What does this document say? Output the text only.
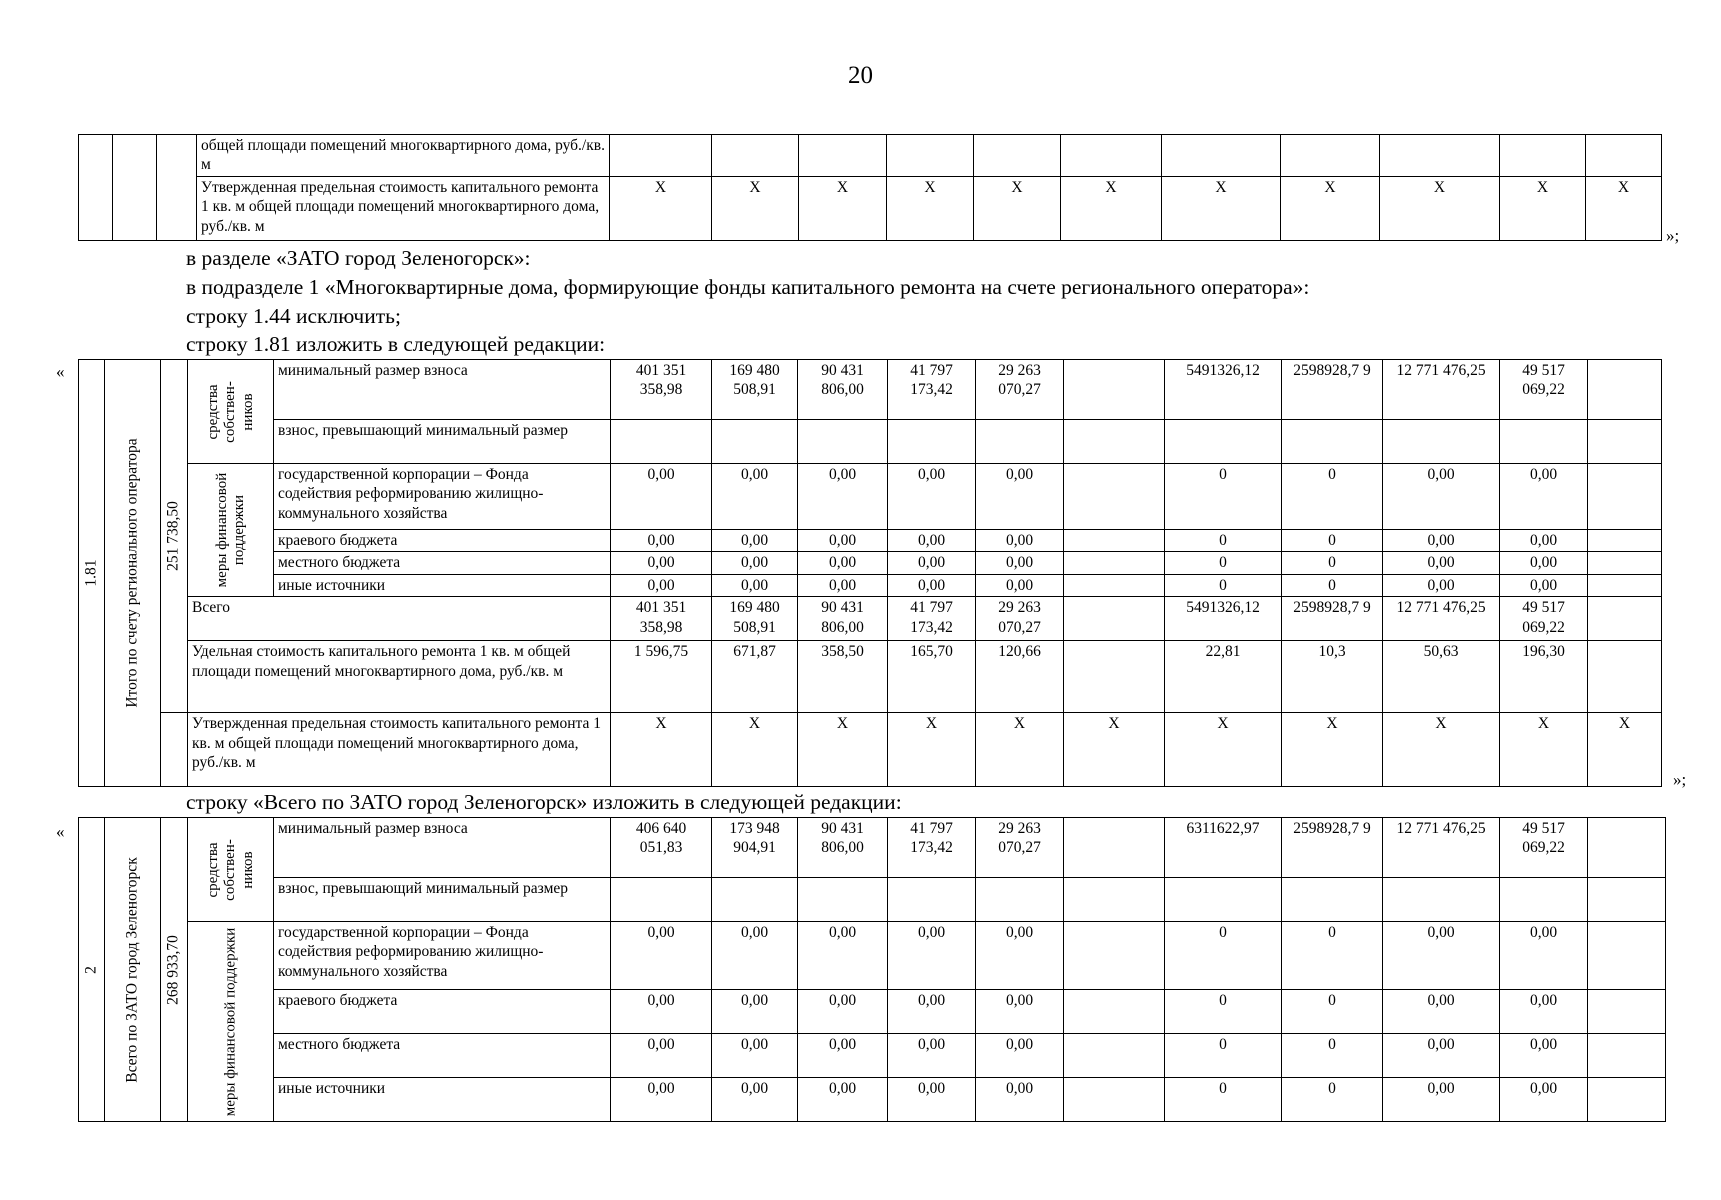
20
			общей площади помещений многоквартирного дома, руб./кв. м											
			Утвержденная предельная стоимость капитального ремонта 1 кв. м общей площади помещений многоквартирного дома, руб./кв. м	X	X	X	X	X	X	X	X	X	X	X
»;
в разделе «ЗАТО город Зеленогорск»:
в подразделе 1 «Многоквартирные дома, формирующие фонды капитального ремонта на счете регионального оператора»:
строку 1.44 исключить;
строку 1.81 изложить в следующей редакции:
«
1.81	Итого по счету регионального оператора	251 738,50	средства собствен-ников	минимальный размер взноса	401 351 358,98	169 480 508,91	90 431 806,00	41 797 173,42	29 263 070,27		5491326,12	2598928,7 9	12 771 476,25	49 517 069,22	
				взнос, превышающий минимальный размер											

			меры финансовой поддержки	государственной корпорации – Фонда содействия реформированию жилищно-коммунального хозяйства	0,00	0,00	0,00	0,00	0,00		0	0	0,00	0,00	
				краевого бюджета	0,00	0,00	0,00	0,00	0,00		0	0	0,00	0,00	
				местного бюджета	0,00	0,00	0,00	0,00	0,00		0	0	0,00	0,00	
				иные источники	0,00	0,00	0,00	0,00	0,00		0	0	0,00	0,00	
			Всего		401 351 358,98	169 480 508,91	90 431 806,00	41 797 173,42	29 263 070,27		5491326,12	2598928,7 9	12 771 476,25	49 517 069,22	
			Удельная стоимость капитального ремонта 1 кв. м общей площади помещений многоквартирного дома, руб./кв. м		1 596,75	671,87	358,50	165,70	120,66		22,81	10,3	50,63	196,30	
			Утвержденная предельная стоимость капитального ремонта 1 кв. м общей площади помещений многоквартирного дома, руб./кв. м		X	X	X	X	X	X	X	X	X	X	X
»;
строку «Всего по ЗАТО город Зеленогорск» изложить в следующей редакции:
«
2	Всего по ЗАТО город Зеленогорск	268 933,70	средства собствен-ников	минимальный размер взноса	406 640 051,83	173 948 904,91	90 431 806,00	41 797 173,42	29 263 070,27		6311622,97	2598928,7 9	12 771 476,25	49 517 069,22	
				взнос, превышающий минимальный размер											

			меры финансовой поддержки	государственной корпорации – Фонда содействия реформированию жилищно-коммунального хозяйства	0,00	0,00	0,00	0,00	0,00		0	0	0,00	0,00	
				краевого бюджета	0,00	0,00	0,00	0,00	0,00		0	0	0,00	0,00	
				местного бюджета	0,00	0,00	0,00	0,00	0,00		0	0	0,00	0,00	
				иные источники	0,00	0,00	0,00	0,00	0,00		0	0	0,00	0,00	
